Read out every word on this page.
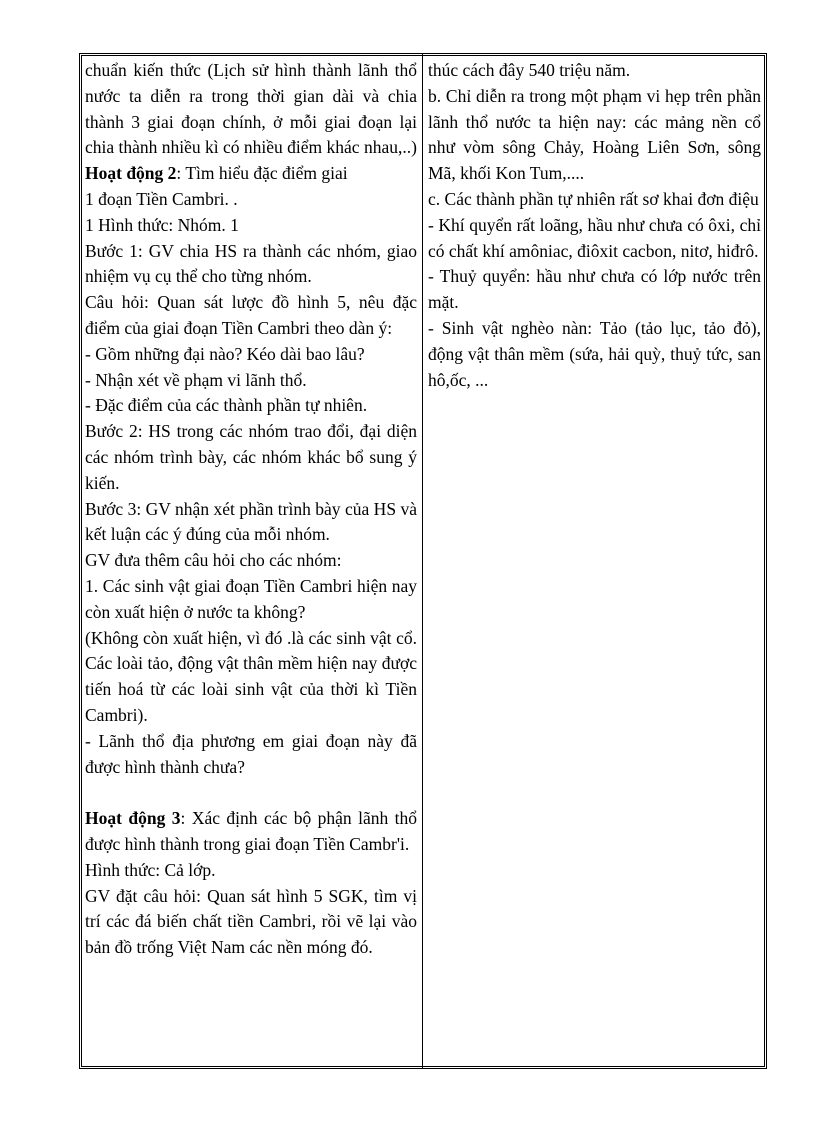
chuẩn kiến thức (Lịch sử hình thành lãnh thổ nước ta diễn ra trong thời gian dài và chia thành 3 giai đoạn chính, ở mỗi giai đoạn lại chia thành nhiều kì có nhiều điểm khác nhau,..)
Hoạt động 2: Tìm hiểu đặc điểm giai
1 đoạn Tiền Cambri. .
1 Hình thức: Nhóm. 1
Bước 1: GV chia HS ra thành các nhóm, giao nhiệm vụ cụ thể cho từng nhóm.
Câu hỏi: Quan sát lược đồ hình 5, nêu đặc điểm của giai đoạn Tiền Cambri theo dàn ý:
- Gồm những đại nào? Kéo dài bao lâu?
- Nhận xét về phạm vi lãnh thổ.
- Đặc điểm của các thành phần tự nhiên.
Bước 2: HS trong các nhóm trao đổi, đại diện các nhóm trình bày, các nhóm khác bổ sung ý kiến.
Bước 3: GV nhận xét phần trình bày của HS và kết luận các ý đúng của mỗi nhóm.
GV đưa thêm câu hỏi cho các nhóm:
1. Các sinh vật giai đoạn Tiền Cambri hiện nay còn xuất hiện ở nước ta không?
(Không còn xuất hiện, vì đó .là các sinh vật cổ. Các loài tảo, động vật thân mềm hiện nay được tiến hoá từ các loài sinh vật của thời kì Tiền Cambri).
- Lãnh thổ địa phương em giai đoạn này đã được hình thành chưa?
Hoạt động 3: Xác định các bộ phận lãnh thổ được hình thành trong giai đoạn Tiền Cambr'i.
Hình thức: Cả lớp.
GV đặt câu hỏi: Quan sát hình 5 SGK, tìm vị trí các đá biến chất tiền Cambri, rồi vẽ lại vào bản đồ trống Việt Nam các nền móng đó.
thúc cách đây 540 triệu năm.
b. Chỉ diễn ra trong một phạm vi hẹp trên phần lãnh thổ nước ta hiện nay: các mảng nền cổ như vòm sông Chảy, Hoàng Liên Sơn, sông Mã, khối Kon Tum,....
c. Các thành phần tự nhiên rất sơ khai đơn điệu
- Khí quyển rất loãng, hầu như chưa có ôxi, chỉ có chất khí amôniac, điôxit cacbon, nitơ, hiđrô.
- Thuỷ quyển: hầu như chưa có lớp nước trên mặt.
- Sinh vật nghèo nàn: Tảo (tảo lục, tảo đỏ), động vật thân mềm (sứa, hải quỳ, thuỷ tức, san hô,ốc, ...
